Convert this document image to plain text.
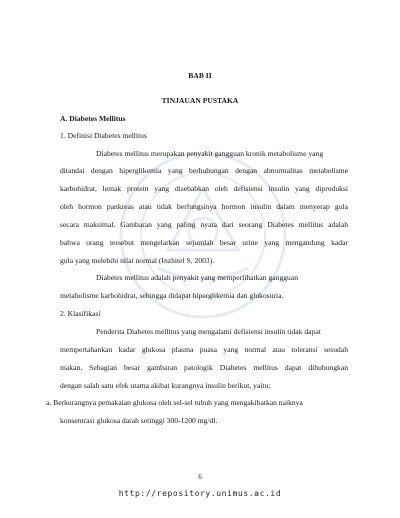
BAB II
TINJAUAN PUSTAKA
A. Diabetes Mellitus
1. Definisi Diabetes mellitus
Diabetes mellitus merupakan penyakit gangguan kronik metabolisme yang
ditandai dengan hiperglikemia yang berhubungan dengan abnormalitas metabolisme
karbohidrat, lemak protein yang disebabkan oleh defisiensi insulin yang diproduksi
oleh hormon pankreas atau tidak berfungsinya hormon insulin dalam menyerap gula
secara maksimal. Gambaran yang paling nyata dari seorang Diabetes mellitus adalah
bahwa orang tersebut mengelarkan sejumlah besar urine yang mengandung kadar
gula yang melebihi nilai normal (Inzhitel S, 2003).
Diabetes mellitus adalah penyakit yang memperlihatkan gangguan
metabolisme karbohidrat, sehingga didapat hiperglikemia dan glukosuria.
2. Klasifikasi
Penderita Diabetes mellitus yang mengalami defisiensi insulin tidak dapat
mempertahankan kadar glukosa plasma puasa yang normal atau toleransi sesudah
makan. Sebagian besar gambaran patologik Diabetes mellitus dapat dihubungkan
dengan salah satu efek utama akibat kurangnya insulin berikut, yaitu:
a. Berkurangnya pemakaian glukosa oleh sel-sel tubuh yang mengakibatkan naiknya
konsentrasi glukosa darah setinggi 300-1200 mg/dl.
6
http://repository.unimus.ac.id
